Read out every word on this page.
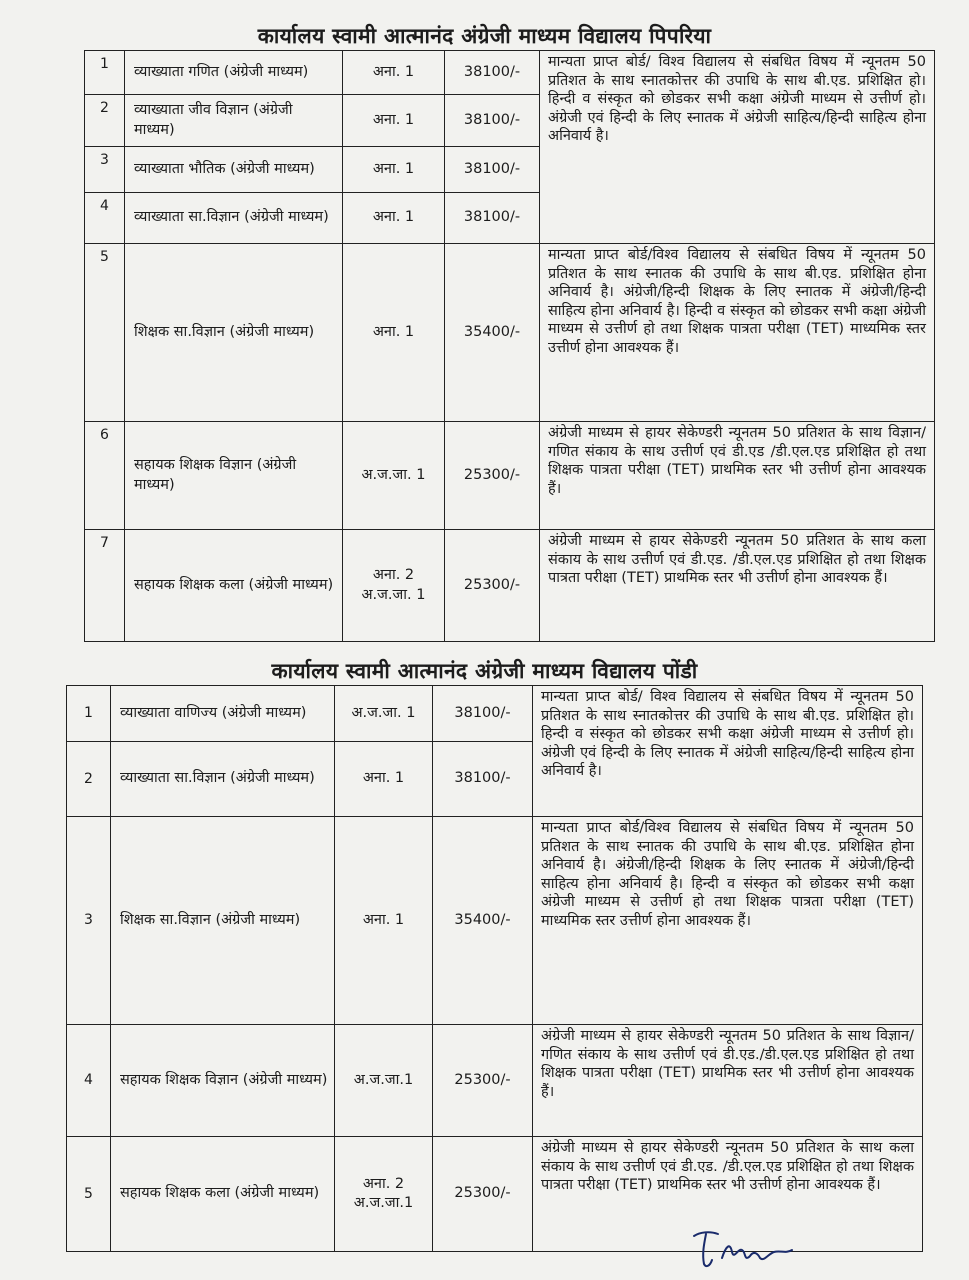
कार्यालय स्वामी आत्मानंद अंग्रेजी माध्यम विद्यालय पिपरिया
1	व्याख्याता गणित (अंग्रेजी माध्यम)	अना. 1	38100/-	मान्यता प्राप्त बोर्ड/ विश्व विद्यालय से संबधित विषय में न्यूनतम 50 प्रतिशत के साथ स्नातकोत्तर की उपाधि के साथ बी.एड. प्रशिक्षित हो। हिन्दी व संस्कृत को छोडकर सभी कक्षा अंग्रेजी माध्यम से उत्तीर्ण हो। अंग्रेजी एवं हिन्दी के लिए स्नातक में अंग्रेजी साहित्य/हिन्दी साहित्य होना अनिवार्य है।
2	व्याख्याता जीव विज्ञान (अंग्रेजी माध्यम)	अना. 1	38100/-	
3	व्याख्याता भौतिक (अंग्रेजी माध्यम)	अना. 1	38100/-	
4	व्याख्याता सा.विज्ञान (अंग्रेजी माध्यम)	अना. 1	38100/-	
5	शिक्षक सा.विज्ञान (अंग्रेजी माध्यम)	अना. 1	35400/-	मान्यता प्राप्त बोर्ड/विश्व विद्यालय से संबधित विषय में न्यूनतम 50 प्रतिशत के साथ स्नातक की उपाधि के साथ बी.एड. प्रशिक्षित होना अनिवार्य है। अंग्रेजी/हिन्दी शिक्षक के लिए स्नातक में अंग्रेजी/हिन्दी साहित्य होना अनिवार्य है। हिन्दी व संस्कृत को छोडकर सभी कक्षा अंग्रेजी माध्यम से उत्तीर्ण हो तथा शिक्षक पात्रता परीक्षा (TET) माध्यमिक स्तर उत्तीर्ण होना आवश्यक हैं।
6	सहायक शिक्षक विज्ञान (अंग्रेजी माध्यम)	अ.ज.जा. 1	25300/-	अंग्रेजी माध्यम से हायर सेकेण्डरी न्यूनतम 50 प्रतिशत के साथ विज्ञान/गणित संकाय के साथ उत्तीर्ण एवं डी.एड /डी.एल.एड प्रशिक्षित हो तथा शिक्षक पात्रता परीक्षा (TET) प्राथमिक स्तर भी उत्तीर्ण होना आवश्यक हैं।
7	सहायक शिक्षक कला (अंग्रेजी माध्यम)	अना. 2 अ.ज.जा. 1	25300/-	अंग्रेजी माध्यम से हायर सेकेण्डरी न्यूनतम 50 प्रतिशत के साथ कला संकाय के साथ उत्तीर्ण एवं डी.एड. /डी.एल.एड प्रशिक्षित हो तथा शिक्षक पात्रता परीक्षा (TET) प्राथमिक स्तर भी उत्तीर्ण होना आवश्यक हैं।
कार्यालय स्वामी आत्मानंद अंग्रेजी माध्यम विद्यालय पोंडी
1	व्याख्याता वाणिज्य (अंग्रेजी माध्यम)	अ.ज.जा. 1	38100/-	मान्यता प्राप्त बोर्ड/ विश्व विद्यालय से संबधित विषय में न्यूनतम 50 प्रतिशत के साथ स्नातकोत्तर की उपाधि के साथ बी.एड. प्रशिक्षित हो। हिन्दी व संस्कृत को छोडकर सभी कक्षा अंग्रेजी माध्यम से उत्तीर्ण हो। अंग्रेजी एवं हिन्दी के लिए स्नातक में अंग्रेजी साहित्य/हिन्दी साहित्य होना अनिवार्य है।
2	व्याख्याता सा.विज्ञान (अंग्रेजी माध्यम)	अना. 1	38100/-	
3	शिक्षक सा.विज्ञान (अंग्रेजी माध्यम)	अना. 1	35400/-	मान्यता प्राप्त बोर्ड/विश्व विद्यालय से संबधित विषय में न्यूनतम 50 प्रतिशत के साथ स्नातक की उपाधि के साथ बी.एड. प्रशिक्षित होना अनिवार्य है। अंग्रेजी/हिन्दी शिक्षक के लिए स्नातक में अंग्रेजी/हिन्दी साहित्य होना अनिवार्य है। हिन्दी व संस्कृत को छोडकर सभी कक्षा अंग्रेजी माध्यम से उत्तीर्ण हो तथा शिक्षक पात्रता परीक्षा (TET) माध्यमिक स्तर उत्तीर्ण होना आवश्यक हैं।
4	सहायक शिक्षक विज्ञान (अंग्रेजी माध्यम)	अ.ज.जा.1	25300/-	अंग्रेजी माध्यम से हायर सेकेण्डरी न्यूनतम 50 प्रतिशत के साथ विज्ञान/गणित संकाय के साथ उत्तीर्ण एवं डी.एड./डी.एल.एड प्रशिक्षित हो तथा शिक्षक पात्रता परीक्षा (TET) प्राथमिक स्तर भी उत्तीर्ण होना आवश्यक हैं।
5	सहायक शिक्षक कला (अंग्रेजी माध्यम)	अना. 2 अ.ज.जा.1	25300/-	अंग्रेजी माध्यम से हायर सेकेण्डरी न्यूनतम 50 प्रतिशत के साथ कला संकाय के साथ उत्तीर्ण एवं डी.एड. /डी.एल.एड प्रशिक्षित हो तथा शिक्षक पात्रता परीक्षा (TET) प्राथमिक स्तर भी उत्तीर्ण होना आवश्यक हैं।
